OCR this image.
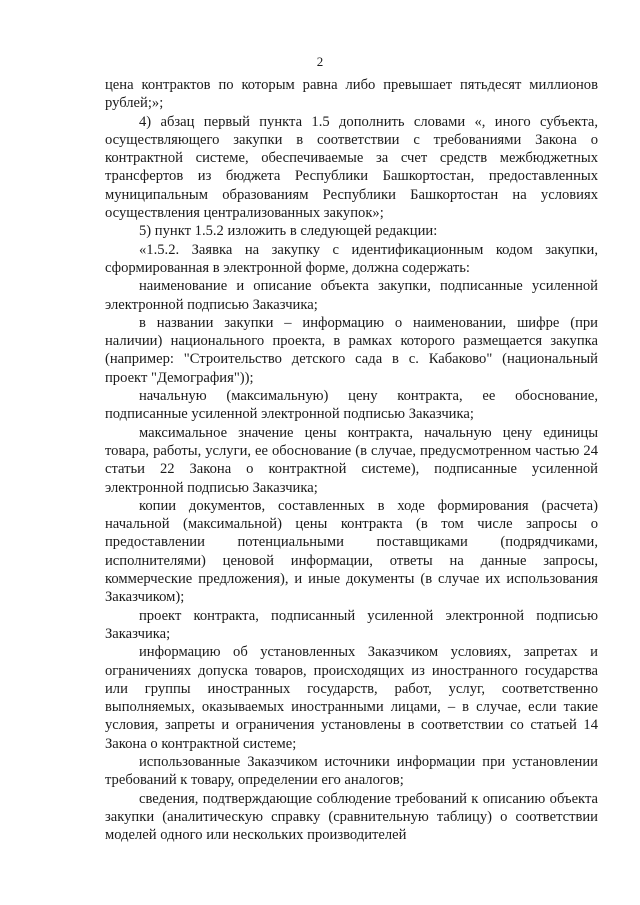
2

цена контрактов по которым равна либо превышает пятьдесят миллионов рублей;»;

4) абзац первый пункта 1.5 дополнить словами «, иного субъекта, осуществляющего закупки в соответствии с требованиями Закона о контрактной системе, обеспечиваемые за счет средств межбюджетных трансфертов из бюджета Республики Башкортостан, предоставленных муниципальным образованиям Республики Башкортостан на условиях осуществления централизованных закупок»;

5) пункт 1.5.2 изложить в следующей редакции:

«1.5.2. Заявка на закупку с идентификационным кодом закупки, сформированная в электронной форме, должна содержать:

наименование и описание объекта закупки, подписанные усиленной электронной подписью Заказчика;

в названии закупки – информацию о наименовании, шифре (при наличии) национального проекта, в рамках которого размещается закупка (например: "Строительство детского сада в с. Кабаково" (национальный проект "Демография"));

начальную (максимальную) цену контракта, ее обоснование, подписанные усиленной электронной подписью Заказчика;

максимальное значение цены контракта, начальную цену единицы товара, работы, услуги, ее обоснование (в случае, предусмотренном частью 24 статьи 22 Закона о контрактной системе), подписанные усиленной электронной подписью Заказчика;

копии документов, составленных в ходе формирования (расчета) начальной (максимальной) цены контракта (в том числе запросы о предоставлении потенциальными поставщиками (подрядчиками, исполнителями) ценовой информации, ответы на данные запросы, коммерческие предложения), и иные документы (в случае их использования Заказчиком);

проект контракта, подписанный усиленной электронной подписью Заказчика;

информацию об установленных Заказчиком условиях, запретах и ограничениях допуска товаров, происходящих из иностранного государства или группы иностранных государств, работ, услуг, соответственно выполняемых, оказываемых иностранными лицами, – в случае, если такие условия, запреты и ограничения установлены в соответствии со статьей 14 Закона о контрактной системе;

использованные Заказчиком источники информации при установлении требований к товару, определении его аналогов;

сведения, подтверждающие соблюдение требований к описанию объекта закупки (аналитическую справку (сравнительную таблицу) о соответствии моделей одного или нескольких производителей
